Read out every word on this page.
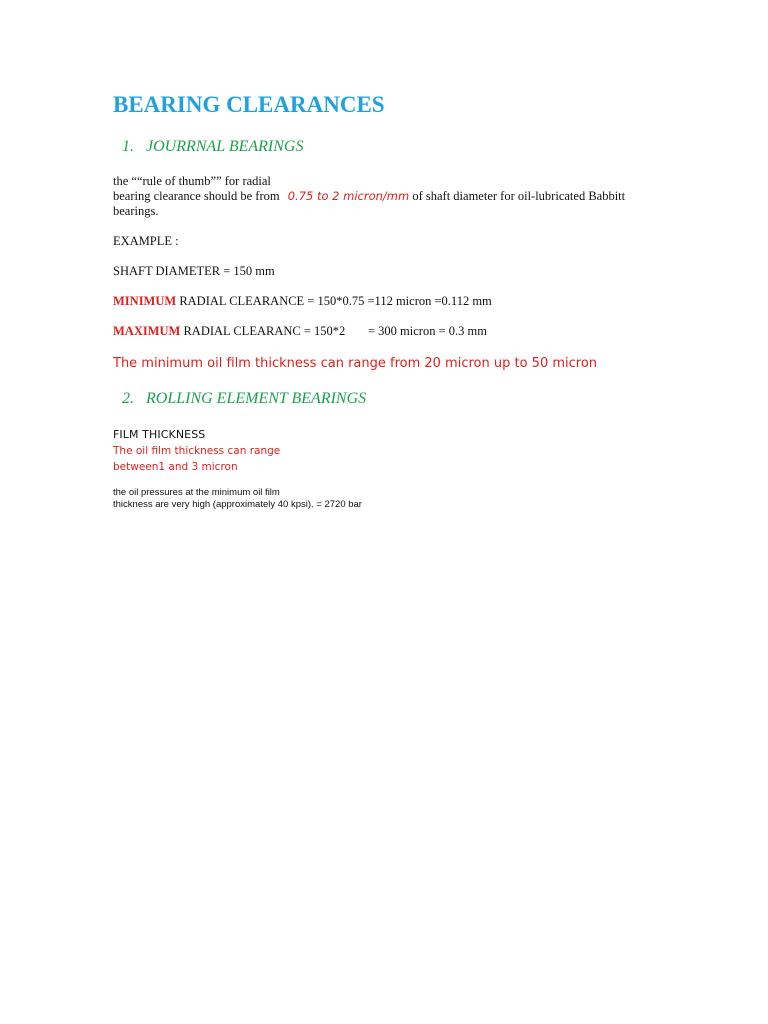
BEARING CLEARANCES
1. JOURRNAL BEARINGS
the ““rule of thumb”” for radial
bearing clearance should be from 0.75 to 2 micron/mm of shaft diameter for oil-lubricated Babbitt
bearings.
EXAMPLE :
SHAFT DIAMETER = 150 mm
MINIMUM RADIAL CLEARANCE = 150*0.75 =112 micron =0.112 mm
MAXIMUM RADIAL CLEARANC = 150*2 = 300 micron = 0.3 mm
The minimum oil film thickness can range from 20 micron up to 50 micron
2. ROLLING ELEMENT BEARINGS
FILM THICKNESS
The oil film thickness can range
between1 and 3 micron
the oil pressures at the minimum oil film
thickness are very high (approximately 40 kpsi). = 2720 bar
